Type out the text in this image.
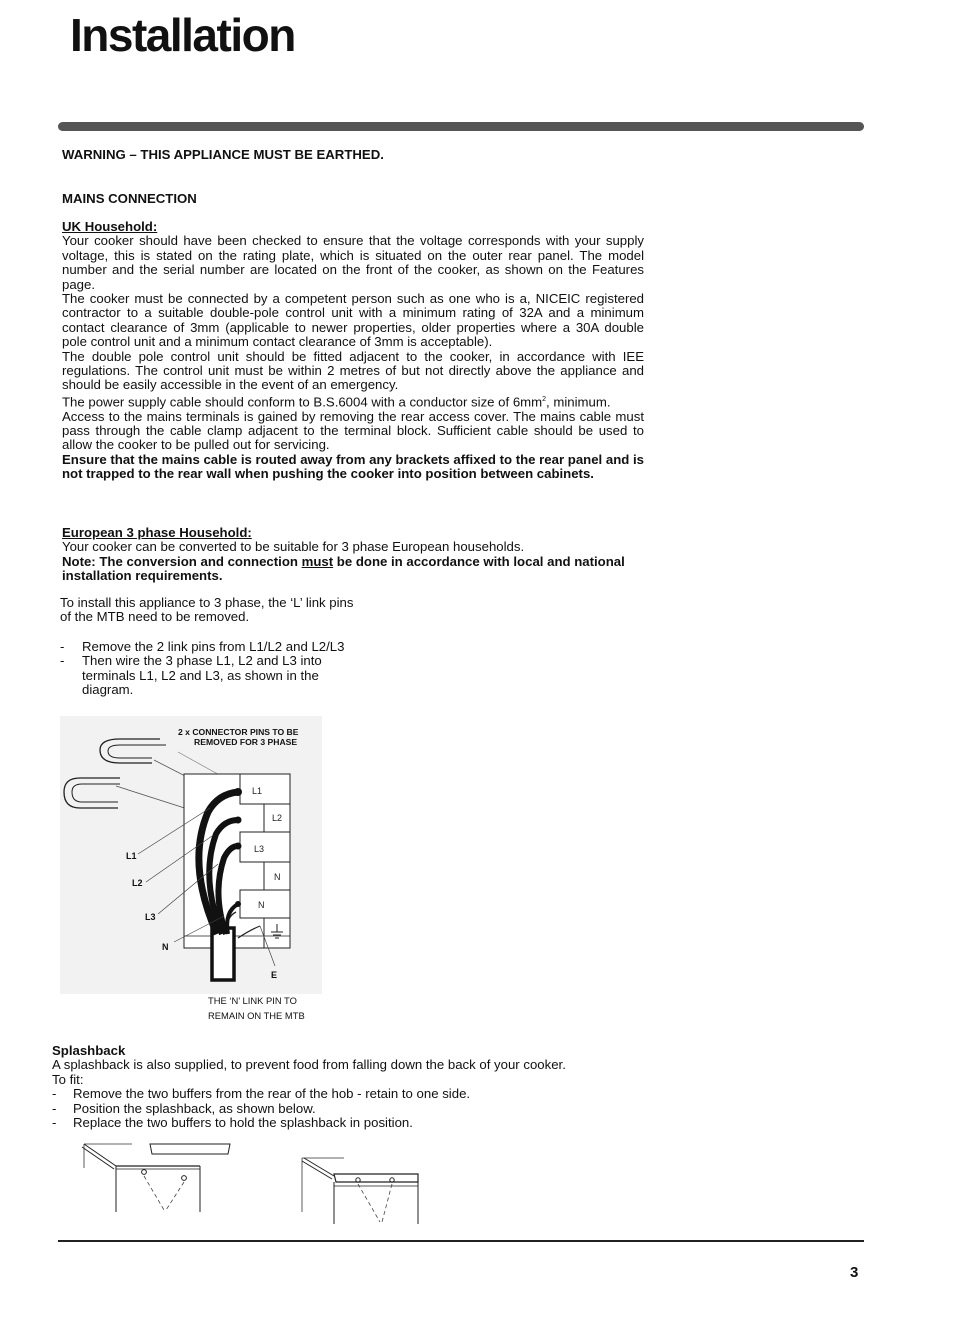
Installation
WARNING – THIS APPLIANCE MUST BE EARTHED.
MAINS CONNECTION

UK Household:

Your cooker should have been checked to ensure that the voltage corresponds with your supply voltage, this is stated on the rating plate, which is situated on the outer rear panel. The model number and the serial number are located on the front of the cooker, as shown on the Features page.

The cooker must be connected by a competent person such as one who is a, NICEIC registered contractor to a suitable double-pole control unit with a minimum rating of 32A and a minimum contact clearance of 3mm (applicable to newer properties, older properties where a 30A double pole control unit and a minimum contact clearance of 3mm is acceptable).

The double pole control unit should be fitted adjacent to the cooker, in accordance with IEE regulations. The control unit must be within 2 metres of but not directly above the appliance and should be easily accessible in the event of an emergency.

The power supply cable should conform to B.S.6004 with a conductor size of $6mm^2$, minimum.

Access to the mains terminals is gained by removing the rear access cover. The mains cable must pass through the cable clamp adjacent to the terminal block. Sufficient cable should be used to allow the cooker to be pulled out for servicing.

Ensure that the mains cable is routed away from any brackets affixed to the rear panel and is not trapped to the rear wall when pushing the cooker into position between cabinets.

European 3 phase Household:

Your cooker can be converted to be suitable for 3 phase European households.

Note: The conversion and connection must be done in accordance with local and national installation requirements.

To install this appliance to 3 phase, the ‘L’ link pins of the MTB need to be removed.

- Remove the 2 link pins from L1/L2 and L2/L3

- Then wire the 3 phase L1, L2 and L3 into terminals L1, L2 and L3, as shown in the diagram.

L1
L2
L3
N
N
2 x CONNECTOR PINS TO BE
REMOVED FOR 3 PHASE
L1
L2
L3
N
E
THE ‘N’ LINK PIN TO
REMAIN ON THE MTB

Splashback

A splashback is also supplied, to prevent food from falling down the back of your cooker.

To fit:

- Remove the two buffers from the rear of the hob - retain to one side.

- Position the splashback, as shown below.

- Replace the two buffers to hold the splashback in position.

3
